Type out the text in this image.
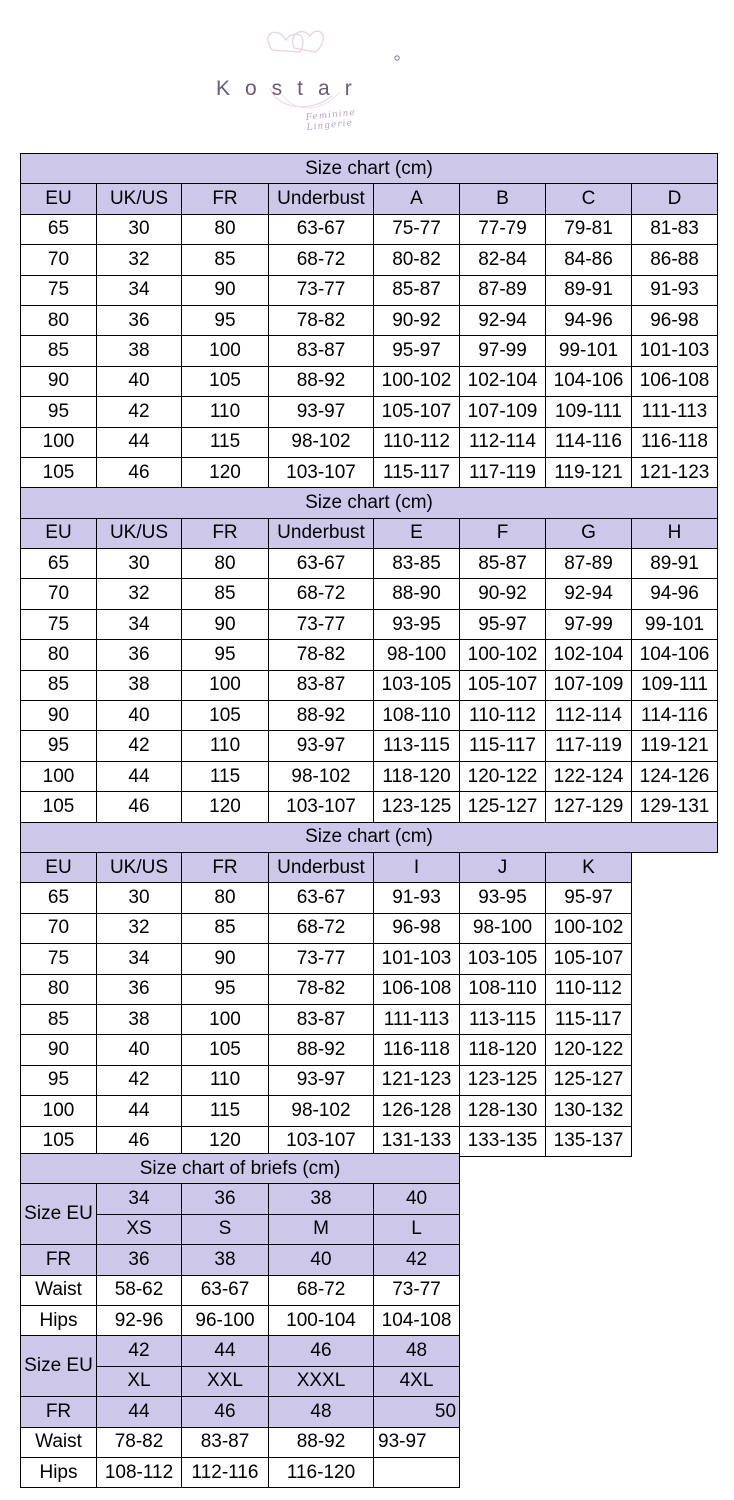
Kostar
Feminine Lingerie
Size chart (cm)							
EU	UK/US	FR	Underbust	A	B	C	D
65	30	80	63-67	75-77	77-79	79-81	81-83
70	32	85	68-72	80-82	82-84	84-86	86-88
75	34	90	73-77	85-87	87-89	89-91	91-93
80	36	95	78-82	90-92	92-94	94-96	96-98
85	38	100	83-87	95-97	97-99	99-101	101-103
90	40	105	88-92	100-102	102-104	104-106	106-108
95	42	110	93-97	105-107	107-109	109-111	111-113
100	44	115	98-102	110-112	112-114	114-116	116-118
105	46	120	103-107	115-117	117-119	119-121	121-123
Size chart (cm)							
EU	UK/US	FR	Underbust	E	F	G	H
65	30	80	63-67	83-85	85-87	87-89	89-91
70	32	85	68-72	88-90	90-92	92-94	94-96
75	34	90	73-77	93-95	95-97	97-99	99-101
80	36	95	78-82	98-100	100-102	102-104	104-106
85	38	100	83-87	103-105	105-107	107-109	109-111
90	40	105	88-92	108-110	110-112	112-114	114-116
95	42	110	93-97	113-115	115-117	117-119	119-121
100	44	115	98-102	118-120	120-122	122-124	124-126
105	46	120	103-107	123-125	125-127	127-129	129-131
Size chart (cm)							
EU	UK/US	FR	Underbust	I	J	K	
65	30	80	63-67	91-93	93-95	95-97	
70	32	85	68-72	96-98	98-100	100-102	
75	34	90	73-77	101-103	103-105	105-107	
80	36	95	78-82	106-108	108-110	110-112	
85	38	100	83-87	111-113	113-115	115-117	
90	40	105	88-92	116-118	118-120	120-122	
95	42	110	93-97	121-123	123-125	125-127	
100	44	115	98-102	126-128	128-130	130-132	
105	46	120	103-107	131-133	133-135	135-137	
Size chart of briefs (cm)				
Size EU	34	36	38	40
	XS	S	M	L
FR	36	38	40	42
Waist	58-62	63-67	68-72	73-77
Hips	92-96	96-100	100-104	104-108
Size EU	42	44	46	48
	XL	XXL	XXXL	4XL
FR	44	46	48	50
Waist	78-82	83-87	88-92	93-97
Hips	108-112	112-116	116-120	
